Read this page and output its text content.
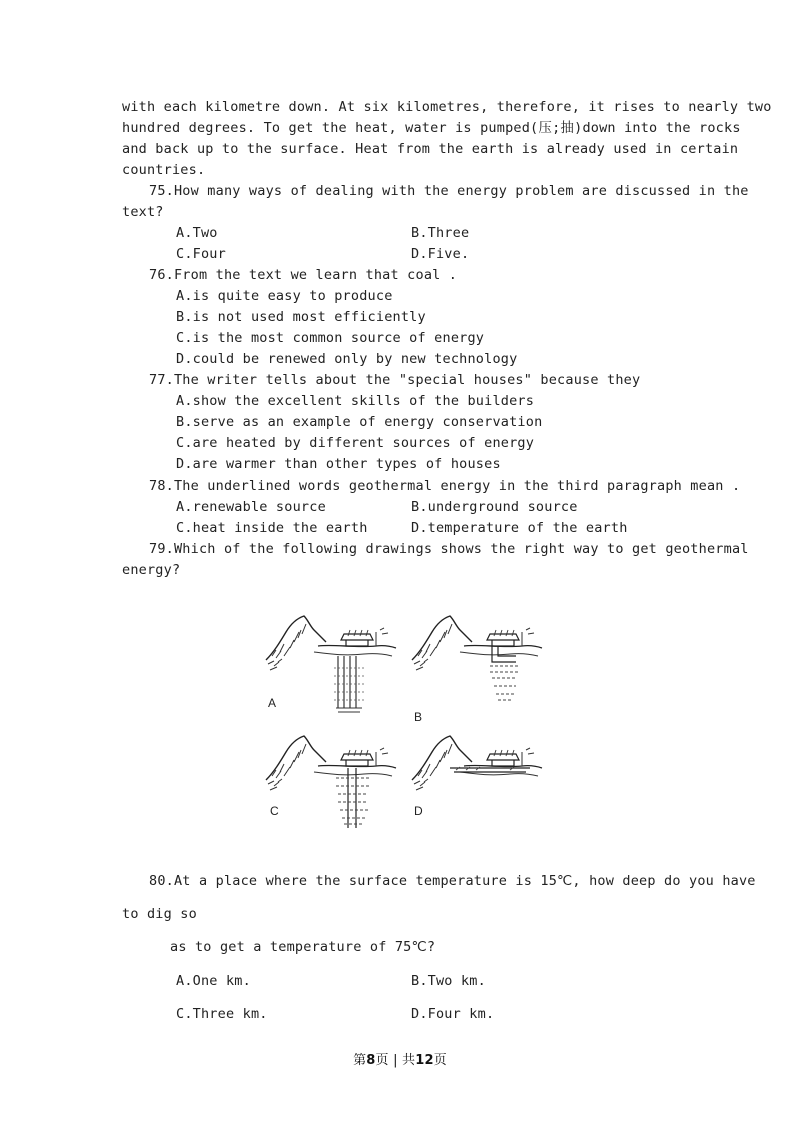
with each kilometre down. At six kilometres, therefore, it rises to nearly two
hundred degrees. To get the heat, water is pumped(压;抽)down into the rocks
and back up to the surface. Heat from the earth is already used in certain
countries.
75.How many ways of dealing with the energy problem are discussed in the
text?
A.Two	B.Three
C.Four	D.Five.
76.From the text we learn that coal .
A.is quite easy to produce
B.is not used most efficiently
C.is the most common source of energy
D.could be renewed only by new technology
77.The writer tells about the "special houses" because they
A.show the excellent skills of the builders
B.serve as an example of energy conservation
C.are heated by different sources of energy
D.are warmer than other types of houses
78.The underlined words geothermal energy in the third paragraph mean .
A.renewable source	B.underground source
C.heat inside the earth	D.temperature of the earth
79.Which of the following drawings shows the right way to get geothermal
energy?
A
B
C	D
80.At a place where the surface temperature is 15℃, how deep do you have
to dig so
as to get a temperature of 75℃?
A.One km.	B.Two km.
C.Three km.	D.Four km.
第8页 | 共12页
